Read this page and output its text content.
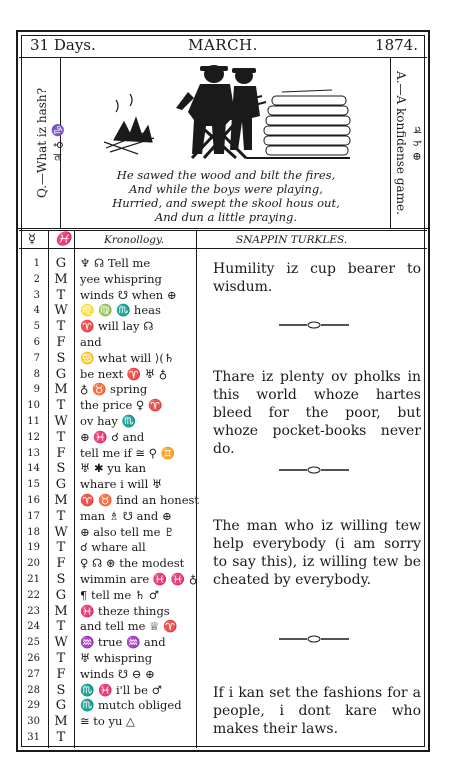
31 Days.	MARCH.	1874.
Q.—What iz hash? ♃ ♁ ♑	A.—A konfidense game. ♃ ♄ ⊕
He sawed the wood and bilt the fires,
And while the boys were playing,
Hurried, and swept the skool hous out,
And dun a little praying.
☿ ♓	Kronollogy.	SNAPPIN TURKLES.
1 G ♆ ☊ Tell me
2 M yee whispring
3 T	winds ☋ when ⊕
4 W ♌ ♍ ♏ heas
5 T	♈ will lay ☊
6 F	and
7 S	♋ what will ⟩(♄
8 G be next ♈ ♅ ♁
9 M ♁ ♉ spring
10 T	the price ♀ ♈
11 W ov hay ♏
12 T	⊕ ♓ ☌ and
13 F	tell me if ≅ ⚲ ♊
14 S	♅ ✱ yu kan
15 G whare i will ♅
16 M ♈ ♉ find an honest
17 T	man ♗ ☋ and ⊕
18 W ⊕ also tell me ♇
19 T	☌ whare all
20 F	♀ ☊ ⊛ the modest
21 S	wimmin are ♓ ♓ ♁
22 G ¶ tell me ♄ ♂
23 M ♓ theze things
24 T	and tell me ♕ ♈
25 W ♒ true ♒ and
26 T	♅ whispring
27 F	winds ☋ ⊖ ⊕
28 S	♏ ♓ i'll be ♂
29 G ♏ mutch obliged
30 M ≅ to yu △
31 T
Humility iz cup bearer to wisdum.
Thare iz plenty ov pholks in this world whoze hartes bleed for the poor, but whoze pocket-books never do.
The man who iz willing tew help everybody (i am sorry to say this), iz willing tew be cheated by everybody.
If i kan set the fashions for a people, i dont kare who makes their laws.
